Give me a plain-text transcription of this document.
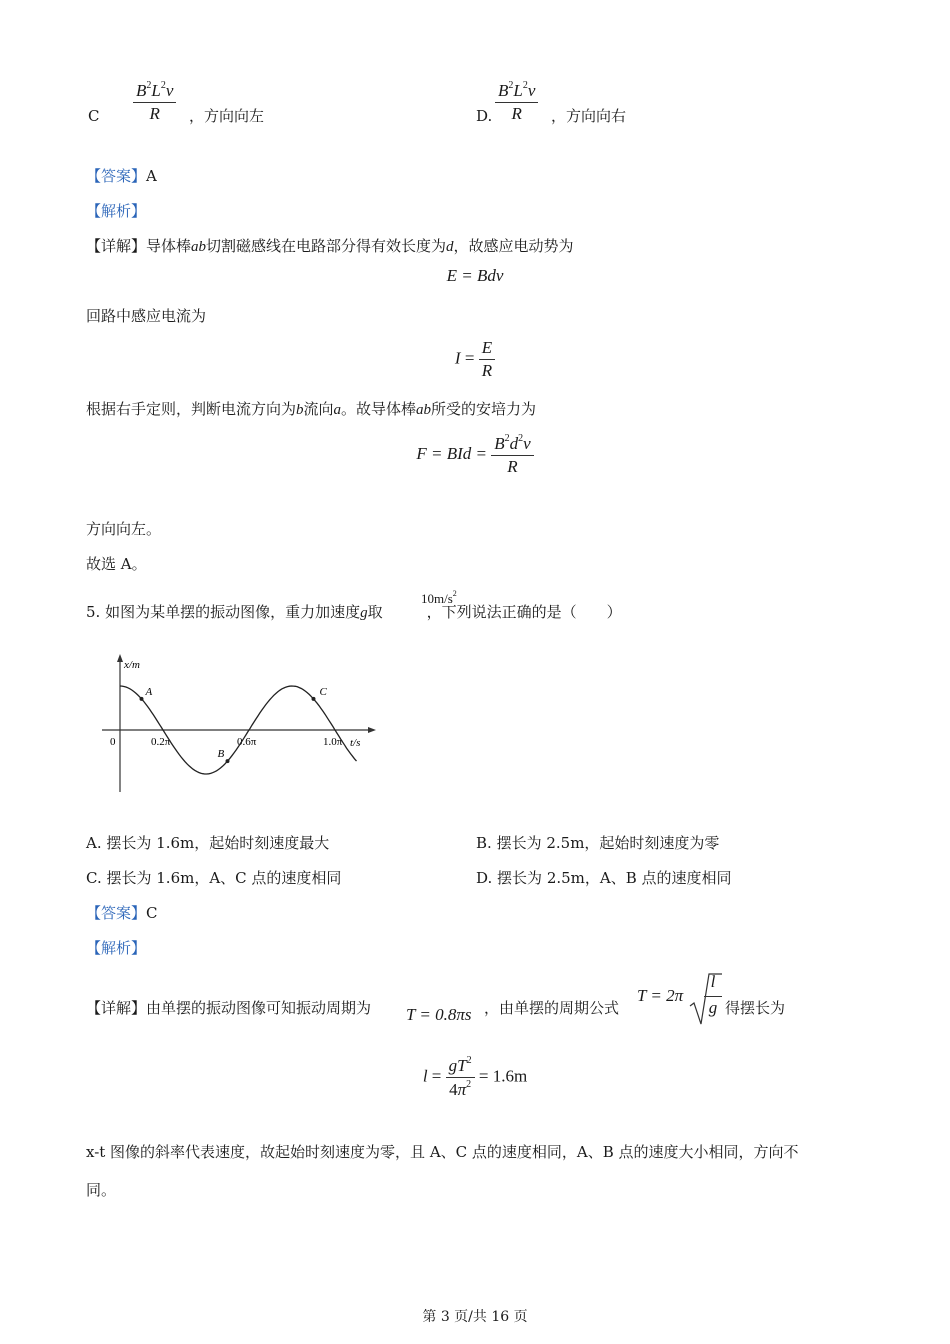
C $\frac{B^2L^2v}{R}$ ，方向向左	D. $\frac{B^2L^2v}{R}$ ，方向向右
【答案】A
【解析】
【详解】导体棒ab切割磁感线在电路部分得有效长度为d，故感应电动势为
E = Bdv
回路中感应电流为
$I = \frac{E}{R}$
根据右手定则，判断电流方向为b流向a。故导体棒ab所受的安培力为
F = BId = $\frac{B^2d^2v}{R}$
方向向左。
故选 A。
5. 如图为某单摆的振动图像，重力加速度g取	，下列说法正确的是（　　）
$10m/s^2$
x/m
t/s
0	0.2π	0.6π	1.0π
A
B
C
A. 摆长为 1.6m，起始时刻速度最大	B. 摆长为 2.5m，起始时刻速度为零
C. 摆长为 1.6m，A、C 点的速度相同	D. 摆长为 2.5m，A、B 点的速度相同
【答案】C
【解析】
【详解】由单摆的振动图像可知振动周期为 T = 0.8πs ，由单摆的周期公式
T = 2π
l
g 得摆长为
$l = \frac{gT^2}{4\pi^2} = 1.6m$
x-t 图像的斜率代表速度，故起始时刻速度为零，且 A、C 点的速度相同，A、B 点的速度大小相同，方向不
同。
第 3 页/共 16 页
